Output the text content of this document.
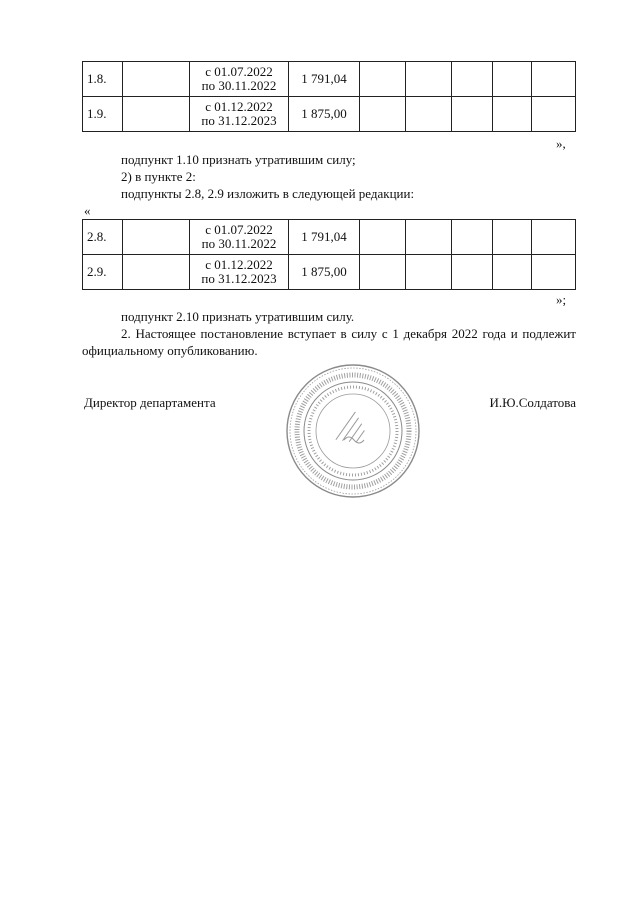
1.8.		с 01.07.2022
по 30.11.2022	1 791,04					
1.9.		с 01.12.2022
по 31.12.2023	1 875,00					
»,
подпункт 1.10 признать утратившим силу;
2) в пункте 2:
подпункты 2.8, 2.9 изложить в следующей редакции:
«
2.8.		с 01.07.2022
по 30.11.2022	1 791,04					
2.9.		с 01.12.2022
по 31.12.2023	1 875,00					
»;
подпункт 2.10 признать утратившим силу.
2. Настоящее постановление вступает в силу с 1 декабря 2022 года и подлежит официальному опубликованию.
Директор департамента	И.Ю.Солдатова
